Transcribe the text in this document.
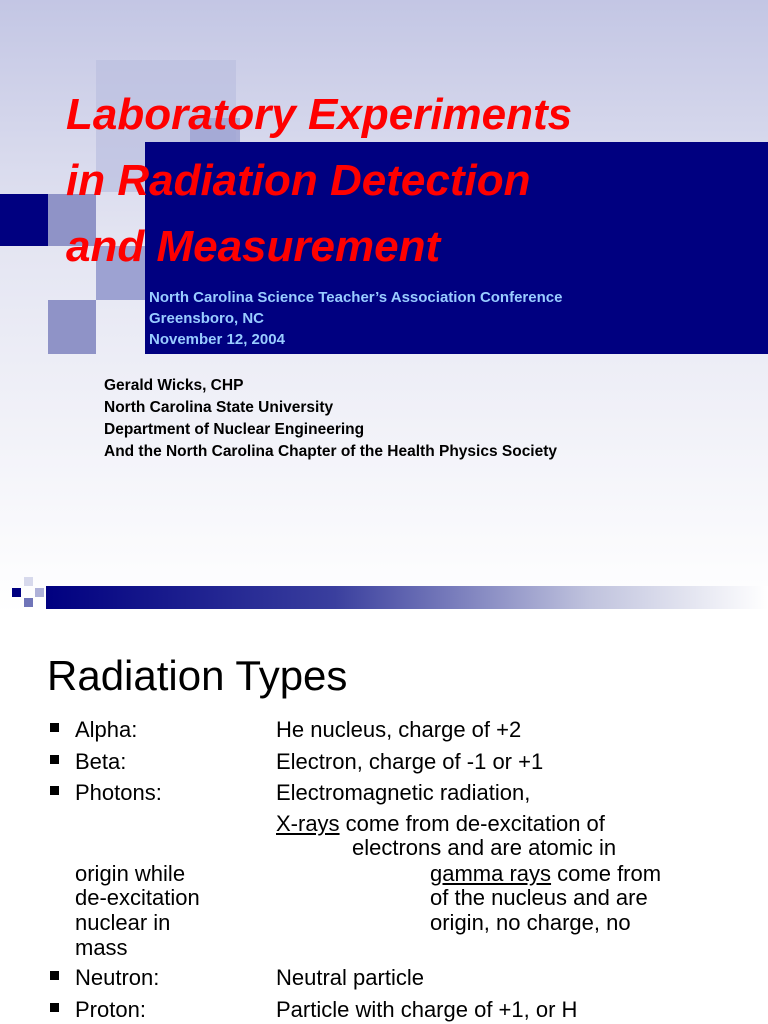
Laboratory Experiments
in Radiation Detection
and Measurement
North Carolina Science Teacher’s Association Conference
Greensboro, NC
November 12, 2004
Gerald Wicks, CHP
North Carolina State University
Department of Nuclear Engineering
And the North Carolina Chapter of the Health Physics Society
Radiation Types
Alpha:	He nucleus, charge of +2
Beta:	Electron, charge of -1 or +1
Photons:	Electromagnetic radiation,
X-rays come from de-excitation of
electrons and are atomic in
origin while	gamma rays come from
de-excitation	of the nucleus and are
nuclear in	origin, no charge, no
mass
Neutron:	Neutral particle
Proton:	Particle with charge of +1, or H
